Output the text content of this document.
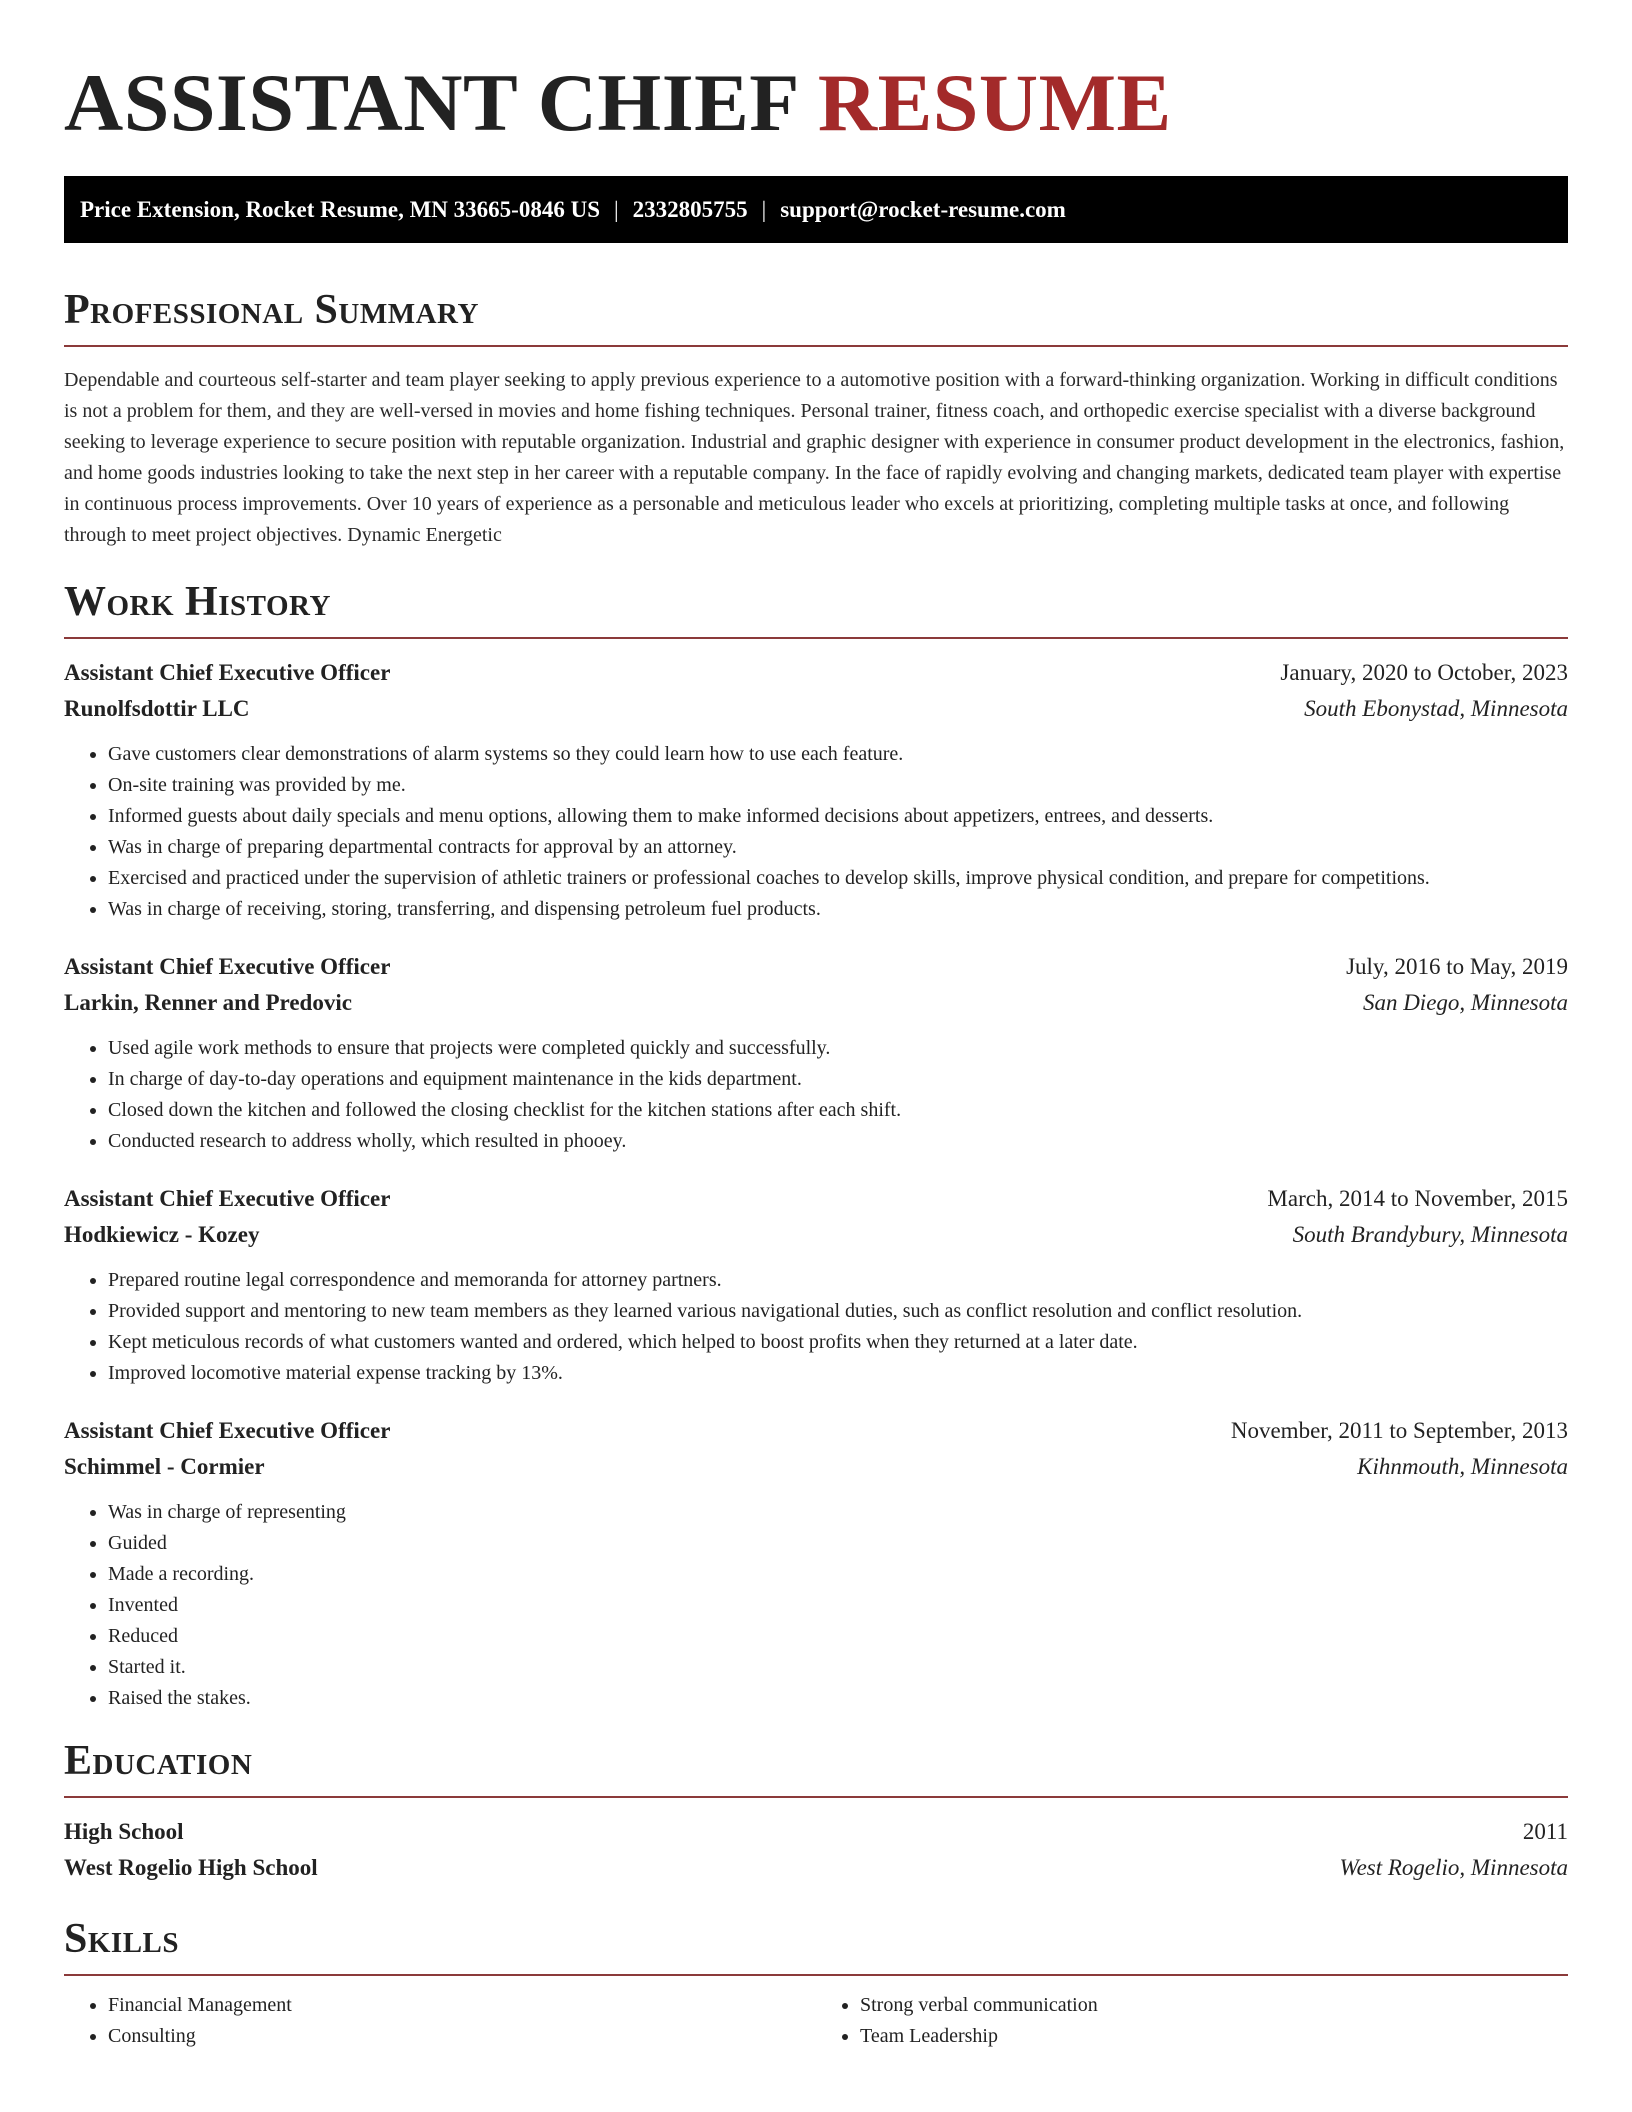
ASSISTANT CHIEF RESUME
Price Extension, Rocket Resume, MN 33665-0846 US | 2332805755 | support@rocket-resume.com
Professional Summary

Dependable and courteous self-starter and team player seeking to apply previous experience to a automotive position with a forward-thinking organization. Working in difficult conditions is not a problem for them, and they are well-versed in movies and home fishing techniques. Personal trainer, fitness coach, and orthopedic exercise specialist with a diverse background seeking to leverage experience to secure position with reputable organization. Industrial and graphic designer with experience in consumer product development in the electronics, fashion, and home goods industries looking to take the next step in her career with a reputable company. In the face of rapidly evolving and changing markets, dedicated team player with expertise in continuous process improvements. Over 10 years of experience as a personable and meticulous leader who excels at prioritizing, completing multiple tasks at once, and following through to meet project objectives. Dynamic Energetic

Work History
Assistant Chief Executive Officer	January, 2020 to October, 2023
Runolfsdottir LLC	South Ebonystad, Minnesota
• Gave customers clear demonstrations of alarm systems so they could learn how to use each feature.
• On-site training was provided by me.
• Informed guests about daily specials and menu options, allowing them to make informed decisions about appetizers, entrees, and desserts.
• Was in charge of preparing departmental contracts for approval by an attorney.
• Exercised and practiced under the supervision of athletic trainers or professional coaches to develop skills, improve physical condition, and prepare for competitions.
• Was in charge of receiving, storing, transferring, and dispensing petroleum fuel products.
Assistant Chief Executive Officer	July, 2016 to May, 2019
Larkin, Renner and Predovic	San Diego, Minnesota
• Used agile work methods to ensure that projects were completed quickly and successfully.
• In charge of day-to-day operations and equipment maintenance in the kids department.
• Closed down the kitchen and followed the closing checklist for the kitchen stations after each shift.
• Conducted research to address wholly, which resulted in phooey.
Assistant Chief Executive Officer	March, 2014 to November, 2015
Hodkiewicz - Kozey	South Brandybury, Minnesota
• Prepared routine legal correspondence and memoranda for attorney partners.
• Provided support and mentoring to new team members as they learned various navigational duties, such as conflict resolution and conflict resolution.
• Kept meticulous records of what customers wanted and ordered, which helped to boost profits when they returned at a later date.
• Improved locomotive material expense tracking by 13%.
Assistant Chief Executive Officer	November, 2011 to September, 2013
Schimmel - Cormier	Kihnmouth, Minnesota
• Was in charge of representing
• Guided
• Made a recording.
• Invented
• Reduced
• Started it.
• Raised the stakes.
Education
High School	2011
West Rogelio High School	West Rogelio, Minnesota
Skills
• Financial Management
• Consulting
• Strong verbal communication
• Team Leadership
